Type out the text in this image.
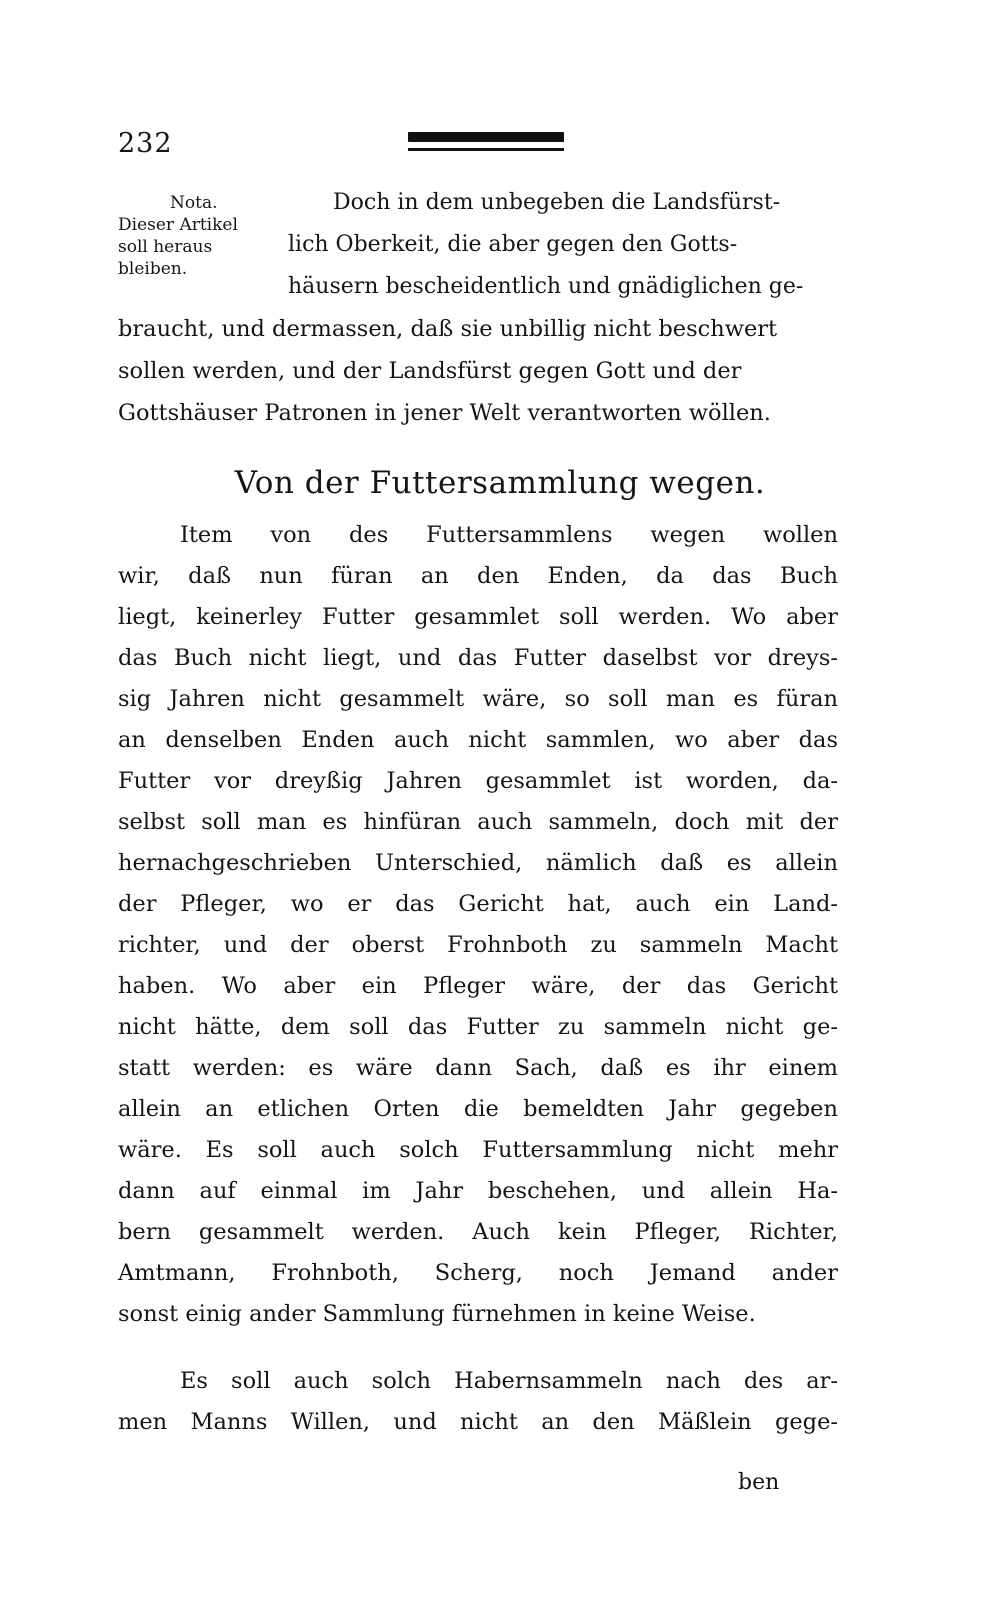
232
Nota.
Dieser Artikel
soll heraus
bleiben.
Doch in dem unbegeben die Landsfürst-
lich Oberkeit, die aber gegen den Gotts-
häusern bescheidentlich und gnädiglichen ge-
braucht, und dermassen, daß sie unbillig nicht beschwert
sollen werden, und der Landsfürst gegen Gott und der
Gottshäuser Patronen in jener Welt verantworten wöllen.
Von der Futtersammlung wegen.
Item von des Futtersammlens wegen wollen
wir, daß nun füran an den Enden, da das Buch
liegt, keinerley Futter gesammlet soll werden. Wo aber
das Buch nicht liegt, und das Futter daselbst vor dreys-
sig Jahren nicht gesammelt wäre, so soll man es füran
an denselben Enden auch nicht sammlen, wo aber das
Futter vor dreyßig Jahren gesammlet ist worden, da-
selbst soll man es hinfüran auch sammeln, doch mit der
hernachgeschrieben Unterschied, nämlich daß es allein
der Pfleger, wo er das Gericht hat, auch ein Land-
richter, und der oberst Frohnboth zu sammeln Macht
haben. Wo aber ein Pfleger wäre, der das Gericht
nicht hätte, dem soll das Futter zu sammeln nicht ge-
statt werden: es wäre dann Sach, daß es ihr einem
allein an etlichen Orten die bemeldten Jahr gegeben
wäre. Es soll auch solch Futtersammlung nicht mehr
dann auf einmal im Jahr beschehen, und allein Ha-
bern gesammelt werden. Auch kein Pfleger, Richter,
Amtmann, Frohnboth, Scherg, noch Jemand ander
sonst einig ander Sammlung fürnehmen in keine Weise.
Es soll auch solch Habernsammeln nach des ar-
men Manns Willen, und nicht an den Mäßlein gege-
ben
